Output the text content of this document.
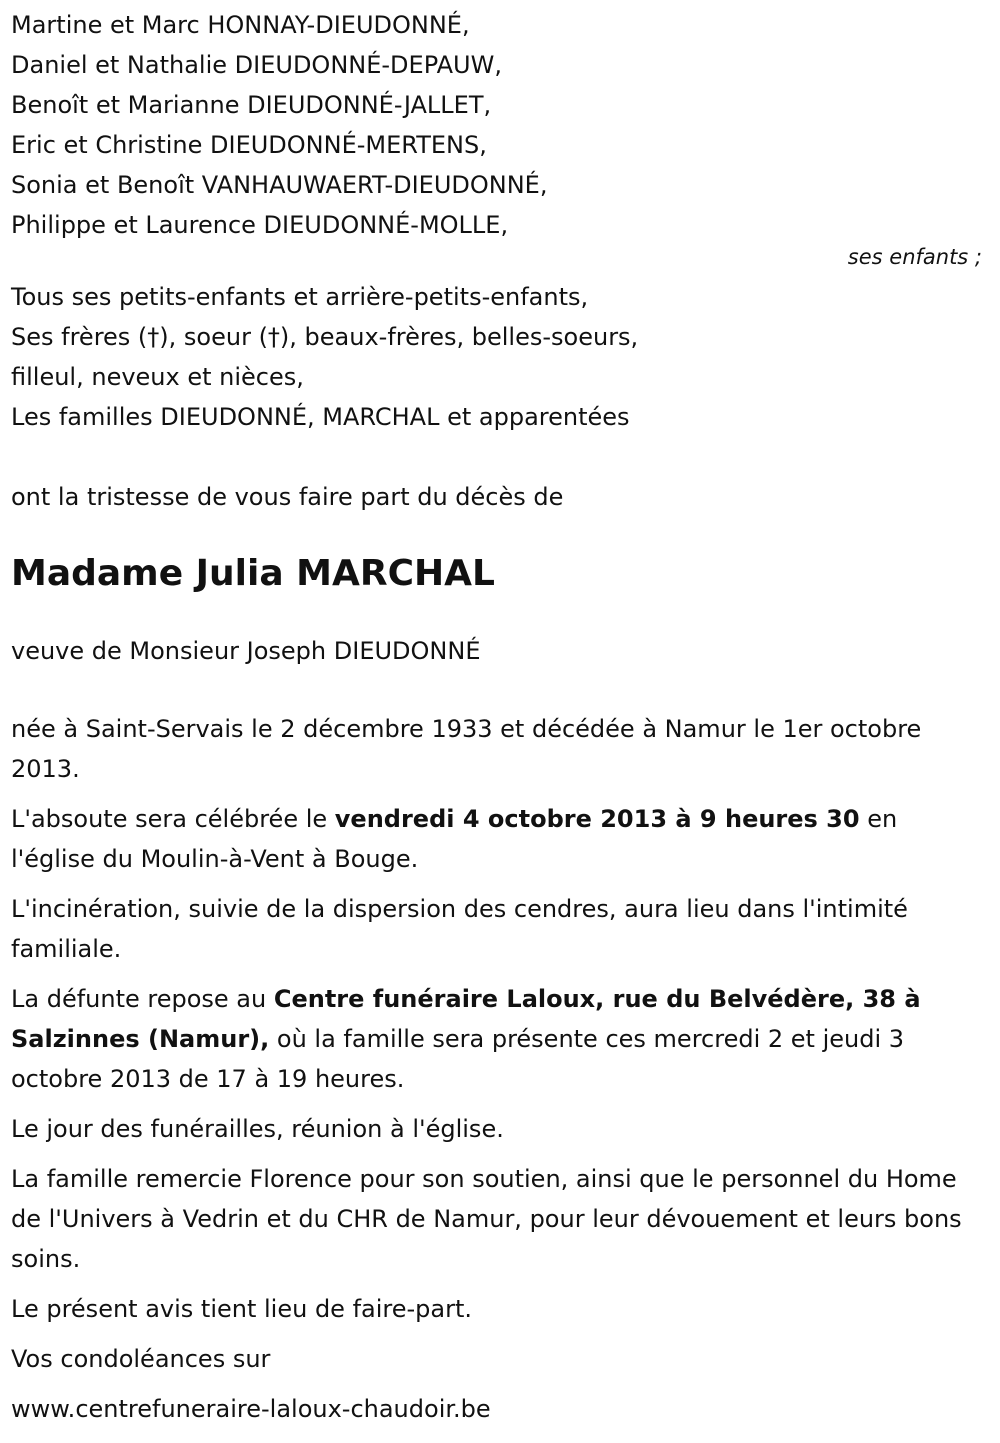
Martine et Marc HONNAY-DIEUDONNÉ,

Daniel et Nathalie DIEUDONNÉ-DEPAUW,

Benoît et Marianne DIEUDONNÉ-JALLET,

Eric et Christine DIEUDONNÉ-MERTENS,

Sonia et Benoît VANHAUWAERT-DIEUDONNÉ,

Philippe et Laurence DIEUDONNÉ-MOLLE,

ses enfants ;

Tous ses petits-enfants et arrière-petits-enfants,

Ses frères (†), soeur (†), beaux-frères, belles-soeurs,

filleul, neveux et nièces,

Les familles DIEUDONNÉ, MARCHAL et apparentées

ont la tristesse de vous faire part du décès de

Madame Julia MARCHAL

veuve de Monsieur Joseph DIEUDONNÉ

née à Saint-Servais le 2 décembre 1933 et décédée à Namur le 1er octobre 2013.

L'absoute sera célébrée le vendredi 4 octobre 2013 à 9 heures 30 en l'église du Moulin-à-Vent à Bouge.

L'incinération, suivie de la dispersion des cendres, aura lieu dans l'intimité familiale.

La défunte repose au Centre funéraire Laloux, rue du Belvédère, 38 à Salzinnes (Namur), où la famille sera présente ces mercredi 2 et jeudi 3 octobre 2013 de 17 à 19 heures.

Le jour des funérailles, réunion à l'église.

La famille remercie Florence pour son soutien, ainsi que le personnel du Home de l'Univers à Vedrin et du CHR de Namur, pour leur dévouement et leurs bons soins.

Le présent avis tient lieu de faire-part.

Vos condoléances sur

www.centrefuneraire-laloux-chaudoir.be
